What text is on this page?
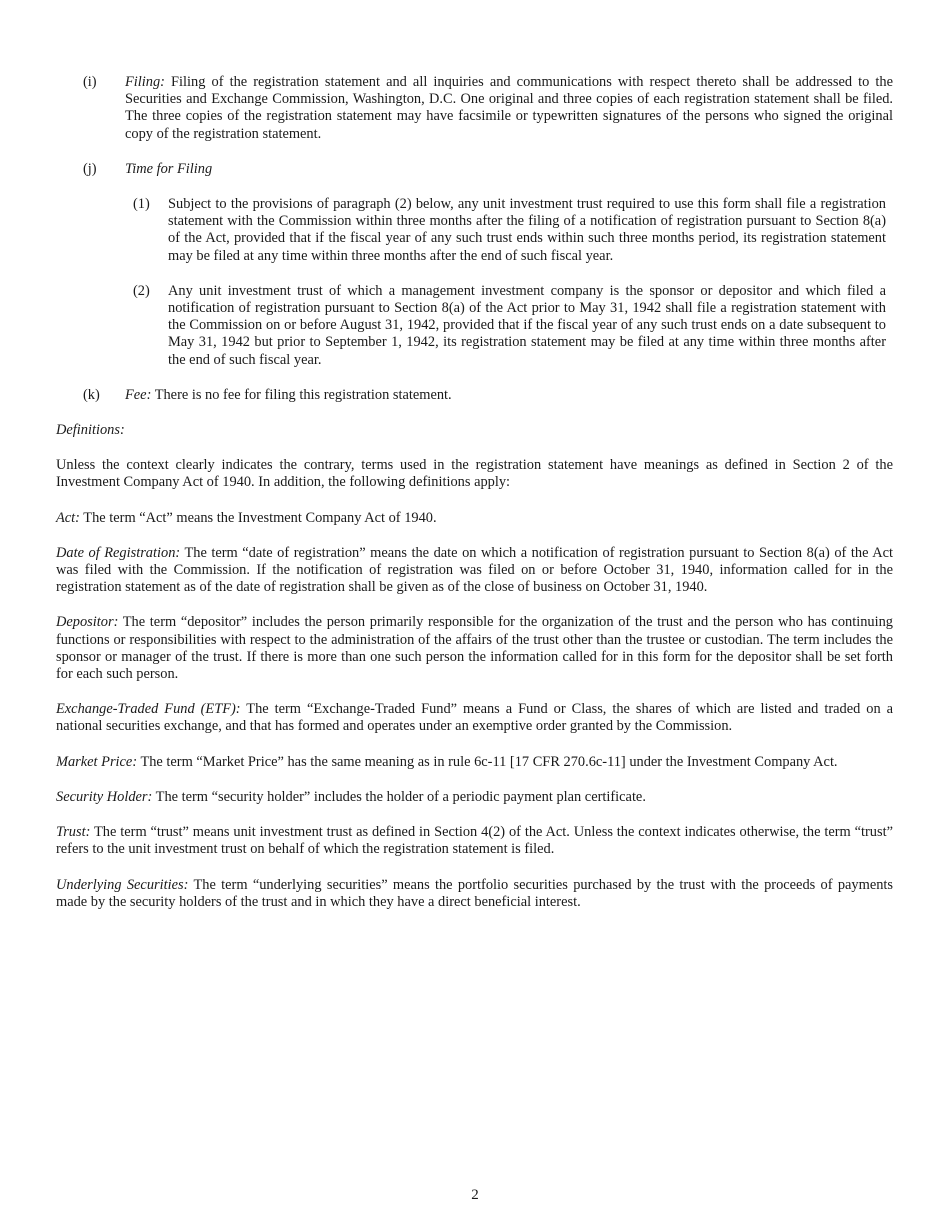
(i) Filing: Filing of the registration statement and all inquiries and communications with respect thereto shall be addressed to the Securities and Exchange Commission, Washington, D.C. One original and three copies of each registration statement shall be filed. The three copies of the registration statement may have facsimile or typewritten signatures of the persons who signed the original copy of the registration statement.

(j) Time for Filing

(1) Subject to the provisions of paragraph (2) below, any unit investment trust required to use this form shall file a registration statement with the Commission within three months after the filing of a notification of registration pursuant to Section 8(a) of the Act, provided that if the fiscal year of any such trust ends within such three months period, its registration statement may be filed at any time within three months after the end of such fiscal year.

(2) Any unit investment trust of which a management investment company is the sponsor or depositor and which filed a notification of registration pursuant to Section 8(a) of the Act prior to May 31, 1942 shall file a registration statement with the Commission on or before August 31, 1942, provided that if the fiscal year of any such trust ends on a date subsequent to May 31, 1942 but prior to September 1, 1942, its registration statement may be filed at any time within three months after the end of such fiscal year.

(k) Fee: There is no fee for filing this registration statement.

Definitions:

Unless the context clearly indicates the contrary, terms used in the registration statement have meanings as defined in Section 2 of the Investment Company Act of 1940. In addition, the following definitions apply:

Act: The term “Act” means the Investment Company Act of 1940.

Date of Registration: The term “date of registration” means the date on which a notification of registration pursuant to Section 8(a) of the Act was filed with the Commission. If the notification of registration was filed on or before October 31, 1940, information called for in the registration statement as of the date of registration shall be given as of the close of business on October 31, 1940.

Depositor: The term “depositor” includes the person primarily responsible for the organization of the trust and the person who has continuing functions or responsibilities with respect to the administration of the affairs of the trust other than the trustee or custodian. The term includes the sponsor or manager of the trust. If there is more than one such person the information called for in this form for the depositor shall be set forth for each such person.

Exchange-Traded Fund (ETF): The term “Exchange-Traded Fund” means a Fund or Class, the shares of which are listed and traded on a national securities exchange, and that has formed and operates under an exemptive order granted by the Commission.

Market Price: The term “Market Price” has the same meaning as in rule 6c-11 [17 CFR 270.6c-11] under the Investment Company Act.

Security Holder: The term “security holder” includes the holder of a periodic payment plan certificate.

Trust: The term “trust” means unit investment trust as defined in Section 4(2) of the Act. Unless the context indicates otherwise, the term “trust” refers to the unit investment trust on behalf of which the registration statement is filed.

Underlying Securities: The term “underlying securities” means the portfolio securities purchased by the trust with the proceeds of payments made by the security holders of the trust and in which they have a direct beneficial interest.

2
